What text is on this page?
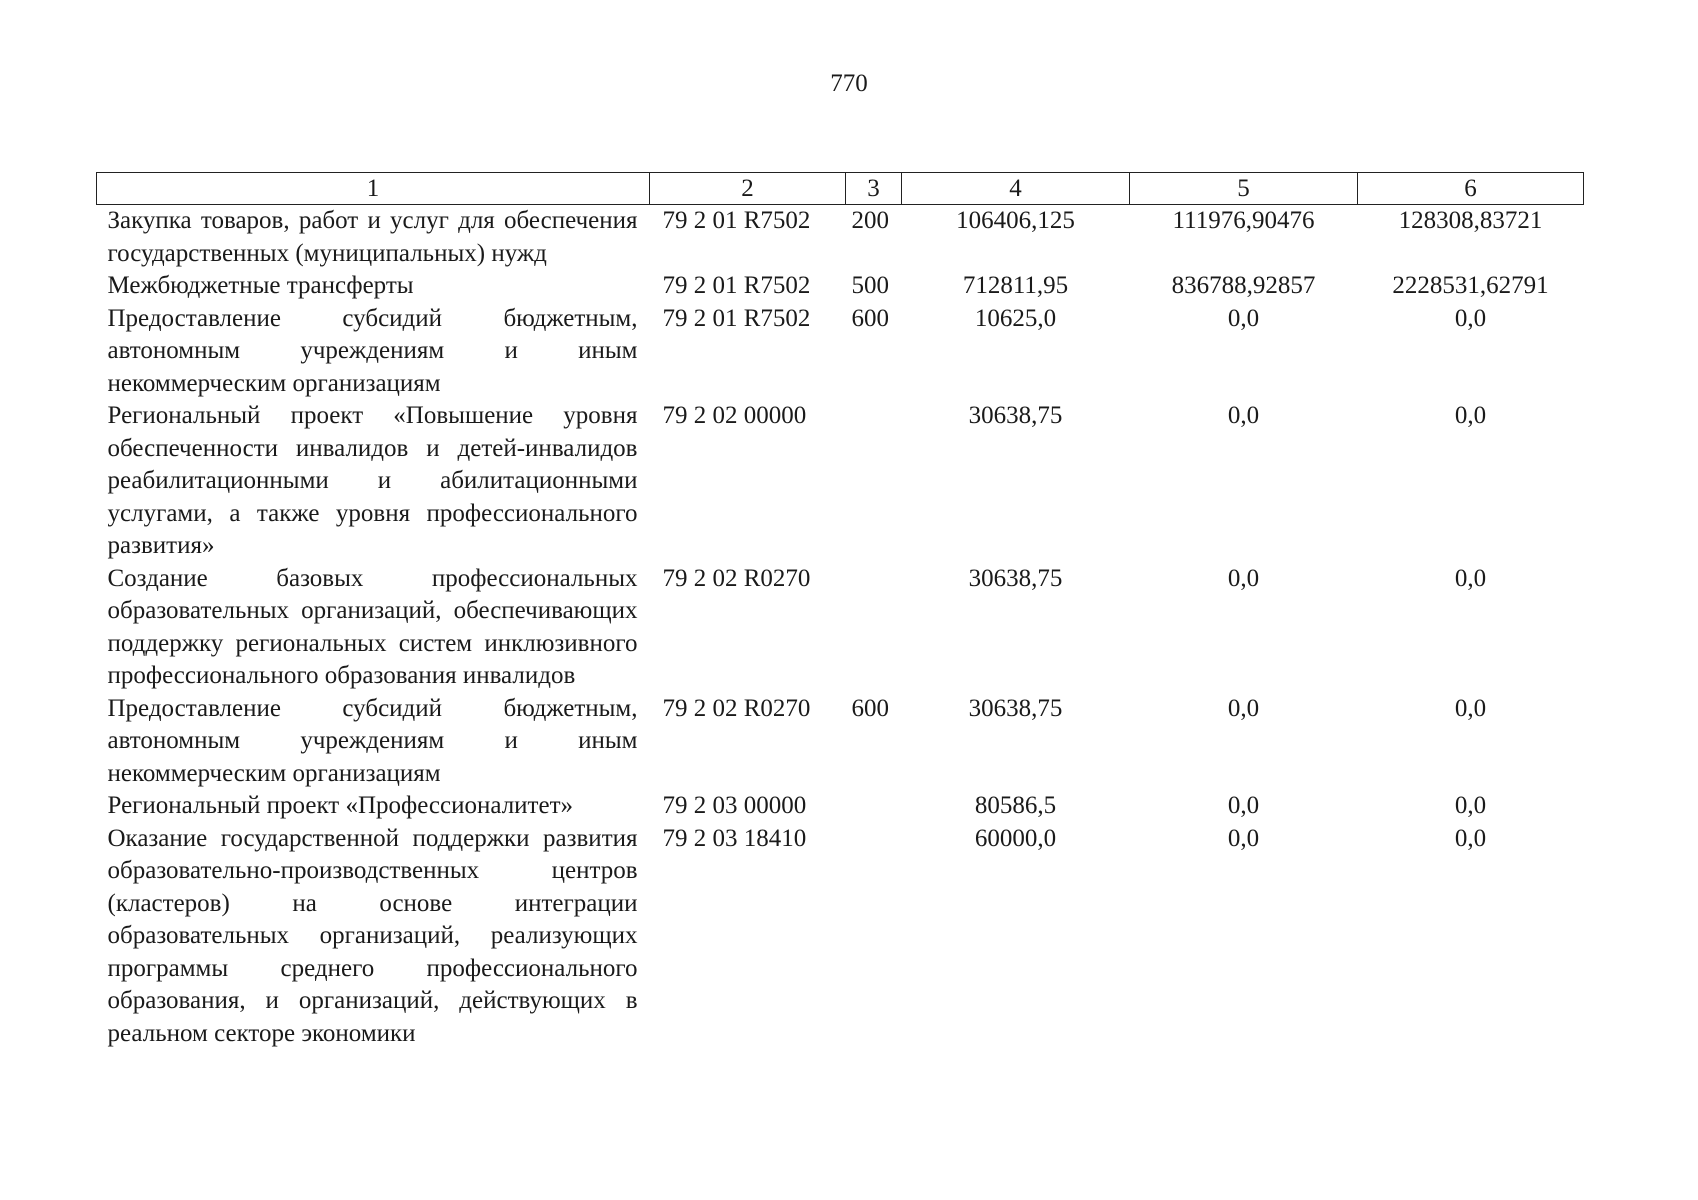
770
1	2	3	4	5	6
Закупка товаров, работ и услуг для обеспечения государственных (муниципальных) нужд	79 2 01 R7502	200	106406,125	111976,90476	128308,83721
Межбюджетные трансферты	79 2 01 R7502	500	712811,95	836788,92857	2228531,62791
Предоставление субсидий бюджетным, автономным учреждениям и иным некоммерческим организациям	79 2 01 R7502	600	10625,0	0,0	0,0
Региональный проект «Повышение уровня обеспеченности инвалидов и детей-инвалидов реабилитационными и абилитационными услугами, а также уровня профессионального развития»	79 2 02 00000		30638,75	0,0	0,0
Создание базовых профессиональных образовательных организаций, обеспечивающих поддержку региональных систем инклюзивного профессионального образования инвалидов	79 2 02 R0270		30638,75	0,0	0,0
Предоставление субсидий бюджетным, автономным учреждениям и иным некоммерческим организациям	79 2 02 R0270	600	30638,75	0,0	0,0
Региональный проект «Профессионалитет»	79 2 03 00000		80586,5	0,0	0,0
Оказание государственной поддержки развития образовательно-производственных центров (кластеров) на основе интеграции образовательных организаций, реализующих программы среднего профессионального образования, и организаций, действующих в реальном секторе экономики	79 2 03 18410		60000,0	0,0	0,0
